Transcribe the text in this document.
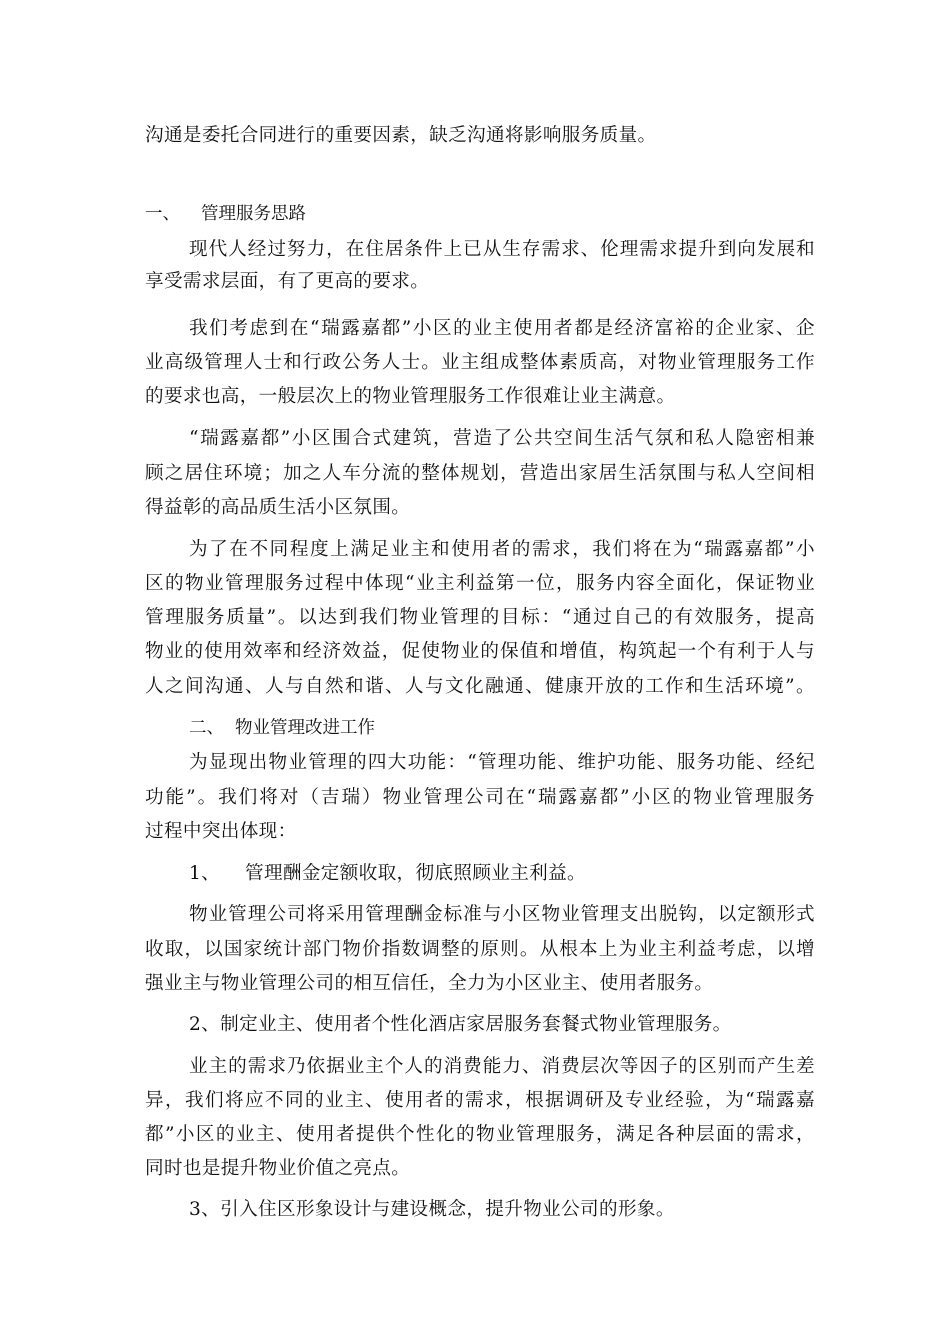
沟通是委托合同进行的重要因素，缺乏沟通将影响服务质量。
一、 管理服务思路
现代人经过努力，在住居条件上已从生存需求、伦理需求提升到向发展和
享受需求层面，有了更高的要求。
我们考虑到在“瑞露嘉都”小区的业主使用者都是经济富裕的企业家、企
业高级管理人士和行政公务人士。业主组成整体素质高，对物业管理服务工作
的要求也高，一般层次上的物业管理服务工作很难让业主满意。
“瑞露嘉都”小区围合式建筑，营造了公共空间生活气氛和私人隐密相兼
顾之居住环境；加之人车分流的整体规划，营造出家居生活氛围与私人空间相
得益彰的高品质生活小区氛围。
为了在不同程度上满足业主和使用者的需求，我们将在为“瑞露嘉都”小
区的物业管理服务过程中体现“业主利益第一位，服务内容全面化，保证物业
管理服务质量”。以达到我们物业管理的目标：“通过自己的有效服务，提高
物业的使用效率和经济效益，促使物业的保值和增值，构筑起一个有利于人与
人之间沟通、人与自然和谐、人与文化融通、健康开放的工作和生活环境”。
二、 物业管理改进工作
为显现出物业管理的四大功能：“管理功能、维护功能、服务功能、经纪
功能”。我们将对（吉瑞）物业管理公司在“瑞露嘉都”小区的物业管理服务
过程中突出体现：
1、 管理酬金定额收取，彻底照顾业主利益。
物业管理公司将采用管理酬金标准与小区物业管理支出脱钩，以定额形式
收取，以国家统计部门物价指数调整的原则。从根本上为业主利益考虑，以增
强业主与物业管理公司的相互信任，全力为小区业主、使用者服务。
2、制定业主、使用者个性化酒店家居服务套餐式物业管理服务。
业主的需求乃依据业主个人的消费能力、消费层次等因子的区别而产生差
异，我们将应不同的业主、使用者的需求，根据调研及专业经验，为“瑞露嘉
都”小区的业主、使用者提供个性化的物业管理服务，满足各种层面的需求，
同时也是提升物业价值之亮点。
3、引入住区形象设计与建设概念，提升物业公司的形象。
